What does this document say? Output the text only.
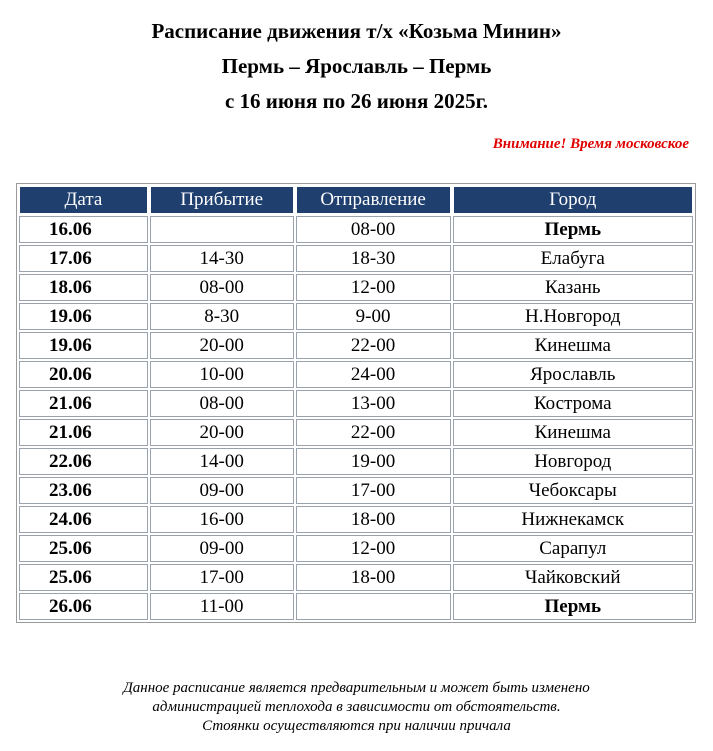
Расписание движения т/х «Козьма Минин»
Пермь – Ярославль – Пермь
с 16 июня по 26 июня 2025г.
Внимание! Время московское
Дата	Прибытие	Отправление	Город
16.06		08-00	Пермь
17.06	14-30	18-30	Елабуга
18.06	08-00	12-00	Казань
19.06	8-30	9-00	Н.Новгород
19.06	20-00	22-00	Кинешма
20.06	10-00	24-00	Ярославль
21.06	08-00	13-00	Кострома
21.06	20-00	22-00	Кинешма
22.06	14-00	19-00	Новгород
23.06	09-00	17-00	Чебоксары
24.06	16-00	18-00	Нижнекамск
25.06	09-00	12-00	Сарапул
25.06	17-00	18-00	Чайковский
26.06	11-00		Пермь
Данное расписание является предварительным и может быть изменено
администрацией теплохода в зависимости от обстоятельств.
Стоянки осуществляются при наличии причала
